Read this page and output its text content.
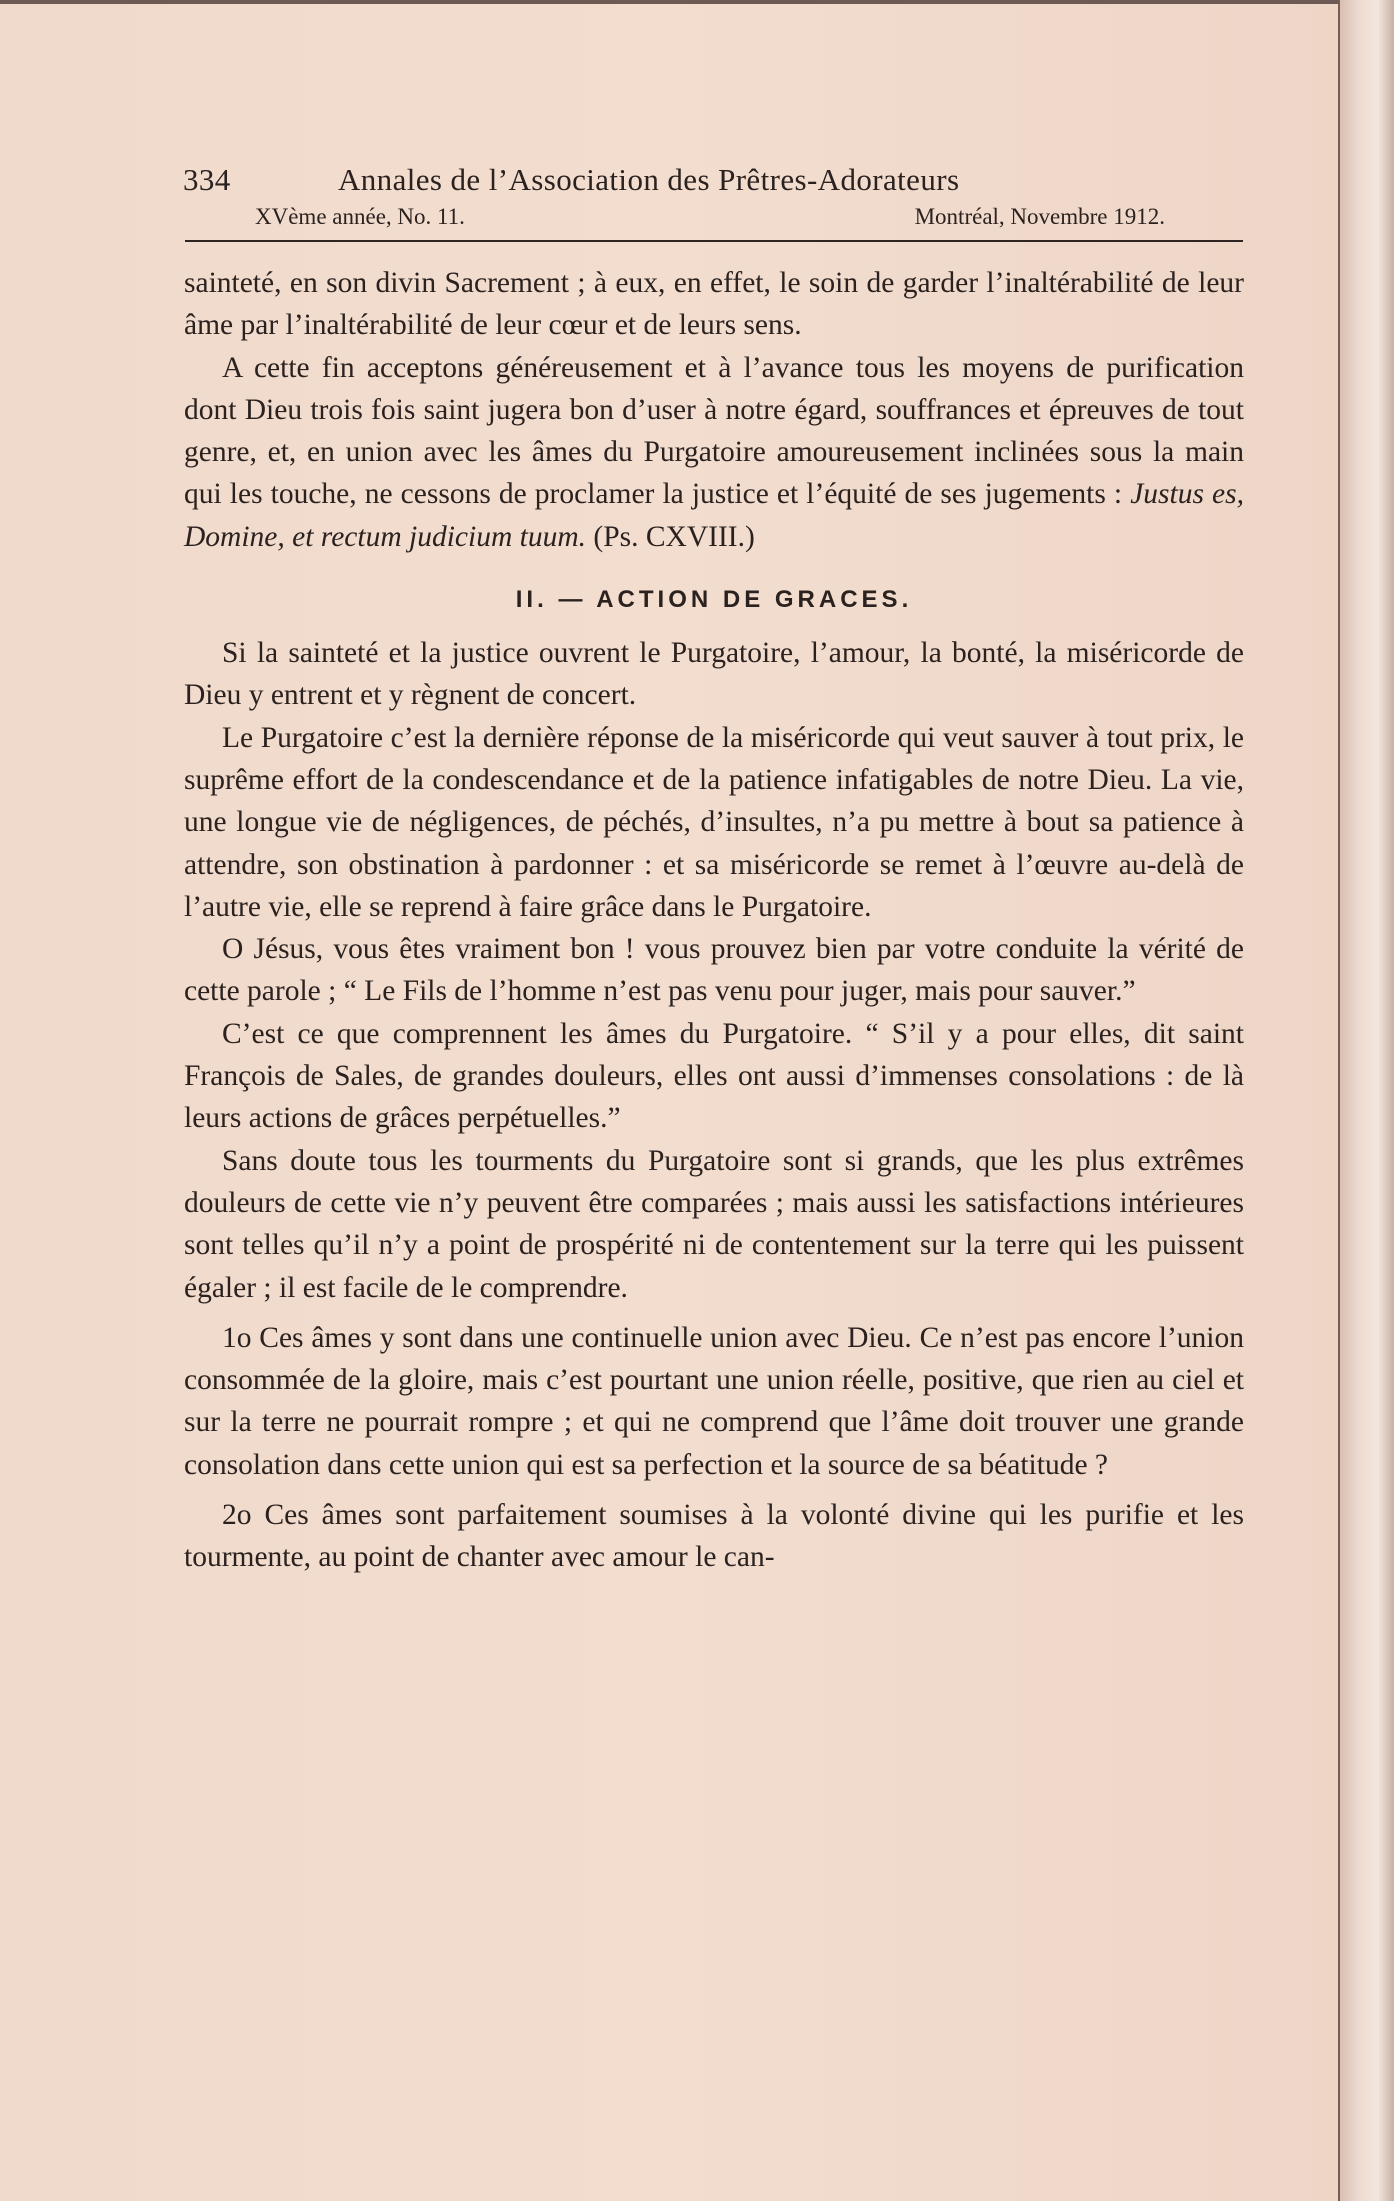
334	Annales de l’Association des Prêtres-Adorateurs
XVème année, No. 11.	Montréal, Novembre 1912.

sainteté, en son divin Sacrement ; à eux, en effet, le soin de garder l’inaltérabilité de leur âme par l’inaltérabilité de leur cœur et de leurs sens.

A cette fin acceptons généreusement et à l’avance tous les moyens de purification dont Dieu trois fois saint jugera bon d’user à notre égard, souffrances et épreuves de tout genre, et, en union avec les âmes du Purgatoire amoureusement inclinées sous la main qui les touche, ne cessons de proclamer la justice et l’équité de ses jugements : Justus es, Domine, et rectum judicium tuum. (Ps. CXVIII.)

II. — ACTION DE GRACES.

Si la sainteté et la justice ouvrent le Purgatoire, l’amour, la bonté, la miséricorde de Dieu y entrent et y règnent de concert.

Le Purgatoire c’est la dernière réponse de la miséricorde qui veut sauver à tout prix, le suprême effort de la condescendance et de la patience infatigables de notre Dieu. La vie, une longue vie de négligences, de péchés, d’insultes, n’a pu mettre à bout sa patience à attendre, son obstination à pardonner : et sa miséricorde se remet à l’œuvre au-delà de l’autre vie, elle se reprend à faire grâce dans le Purgatoire.

O Jésus, vous êtes vraiment bon ! vous prouvez bien par votre conduite la vérité de cette parole ; “ Le Fils de l’homme n’est pas venu pour juger, mais pour sauver.”

C’est ce que comprennent les âmes du Purgatoire. “ S’il y a pour elles, dit saint François de Sales, de grandes douleurs, elles ont aussi d’immenses consolations : de là leurs actions de grâces perpétuelles.”

Sans doute tous les tourments du Purgatoire sont si grands, que les plus extrêmes douleurs de cette vie n’y peuvent être comparées ; mais aussi les satisfactions intérieures sont telles qu’il n’y a point de prospérité ni de contentement sur la terre qui les puissent égaler ; il est facile de le comprendre.

1o Ces âmes y sont dans une continuelle union avec Dieu. Ce n’est pas encore l’union consommée de la gloire, mais c’est pourtant une union réelle, positive, que rien au ciel et sur la terre ne pourrait rompre ; et qui ne comprend que l’âme doit trouver une grande consolation dans cette union qui est sa perfection et la source de sa béatitude ?

2o Ces âmes sont parfaitement soumises à la volonté divine qui les purifie et les tourmente, au point de chanter avec amour le can-
